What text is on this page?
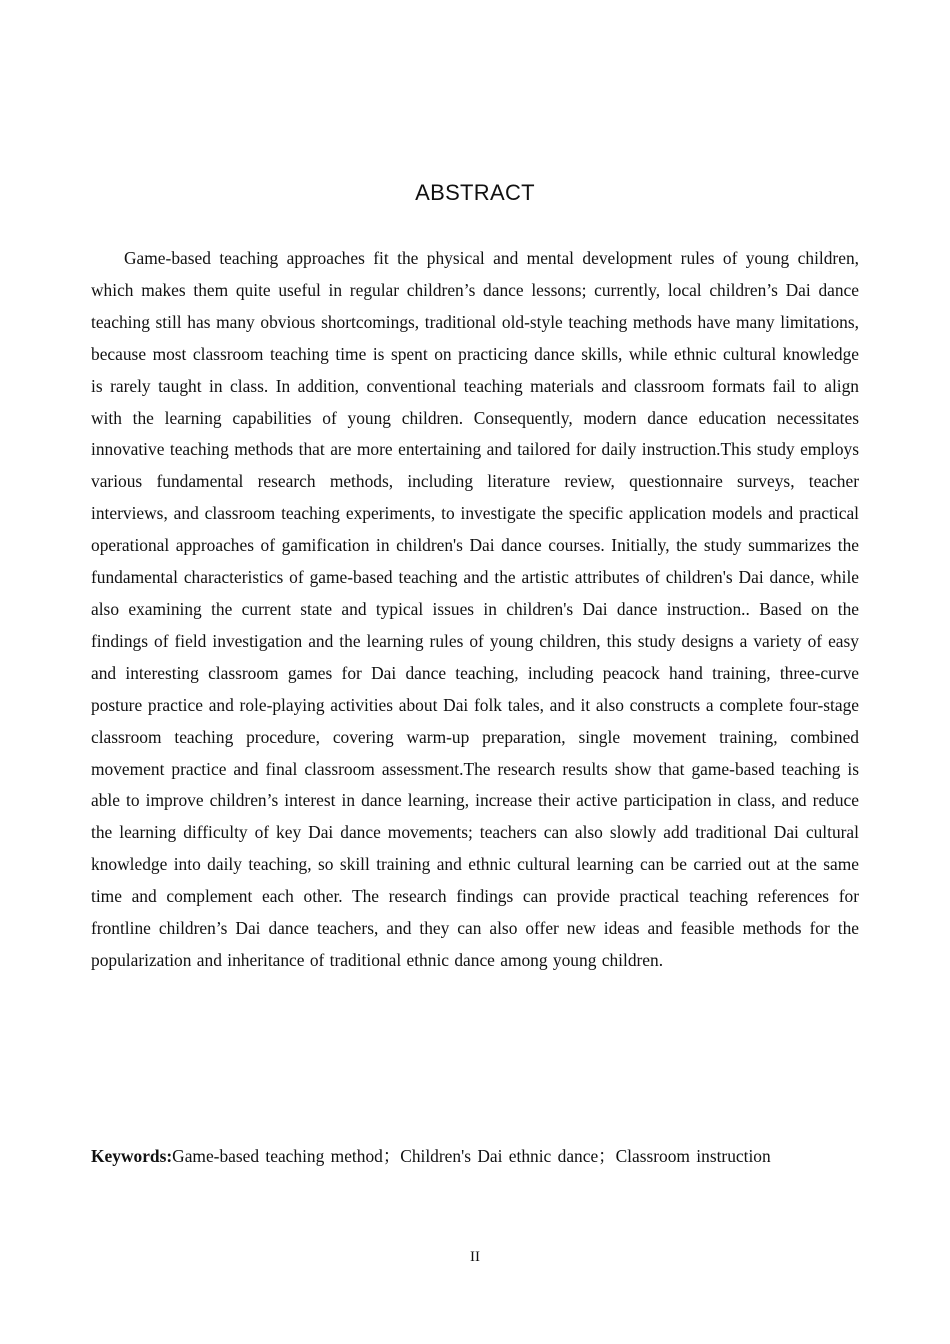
ABSTRACT

Game-based teaching approaches fit the physical and mental development rules of young children, which makes them quite useful in regular children’s dance lessons; currently, local children’s Dai dance teaching still has many obvious shortcomings, traditional old-style teaching methods have many limitations, because most classroom teaching time is spent on practicing dance skills, while ethnic cultural knowledge is rarely taught in class. In addition, conventional teaching materials and classroom formats fail to align with the learning capabilities of young children. Consequently, modern dance education necessitates innovative teaching methods that are more entertaining and tailored for daily instruction.This study employs various fundamental research methods, including literature review, questionnaire surveys, teacher interviews, and classroom teaching experiments, to investigate the specific application models and practical operational approaches of gamification in children's Dai dance courses. Initially, the study summarizes the fundamental characteristics of game-based teaching and the artistic attributes of children's Dai dance, while also examining the current state and typical issues in children's Dai dance instruction.. Based on the findings of field investigation and the learning rules of young children, this study designs a variety of easy and interesting classroom games for Dai dance teaching, including peacock hand training, three-curve posture practice and role-playing activities about Dai folk tales, and it also constructs a complete four-stage classroom teaching procedure, covering warm-up preparation, single movement training, combined movement practice and final classroom assessment.The research results show that game-based teaching is able to improve children’s interest in dance learning, increase their active participation in class, and reduce the learning difficulty of key Dai dance movements; teachers can also slowly add traditional Dai cultural knowledge into daily teaching, so skill training and ethnic cultural learning can be carried out at the same time and complement each other. The research findings can provide practical teaching references for frontline children’s Dai dance teachers, and they can also offer new ideas and feasible methods for the popularization and inheritance of traditional ethnic dance among young children.

Keywords:Game-based teaching method；Children's Dai ethnic dance；Classroom instruction

II
